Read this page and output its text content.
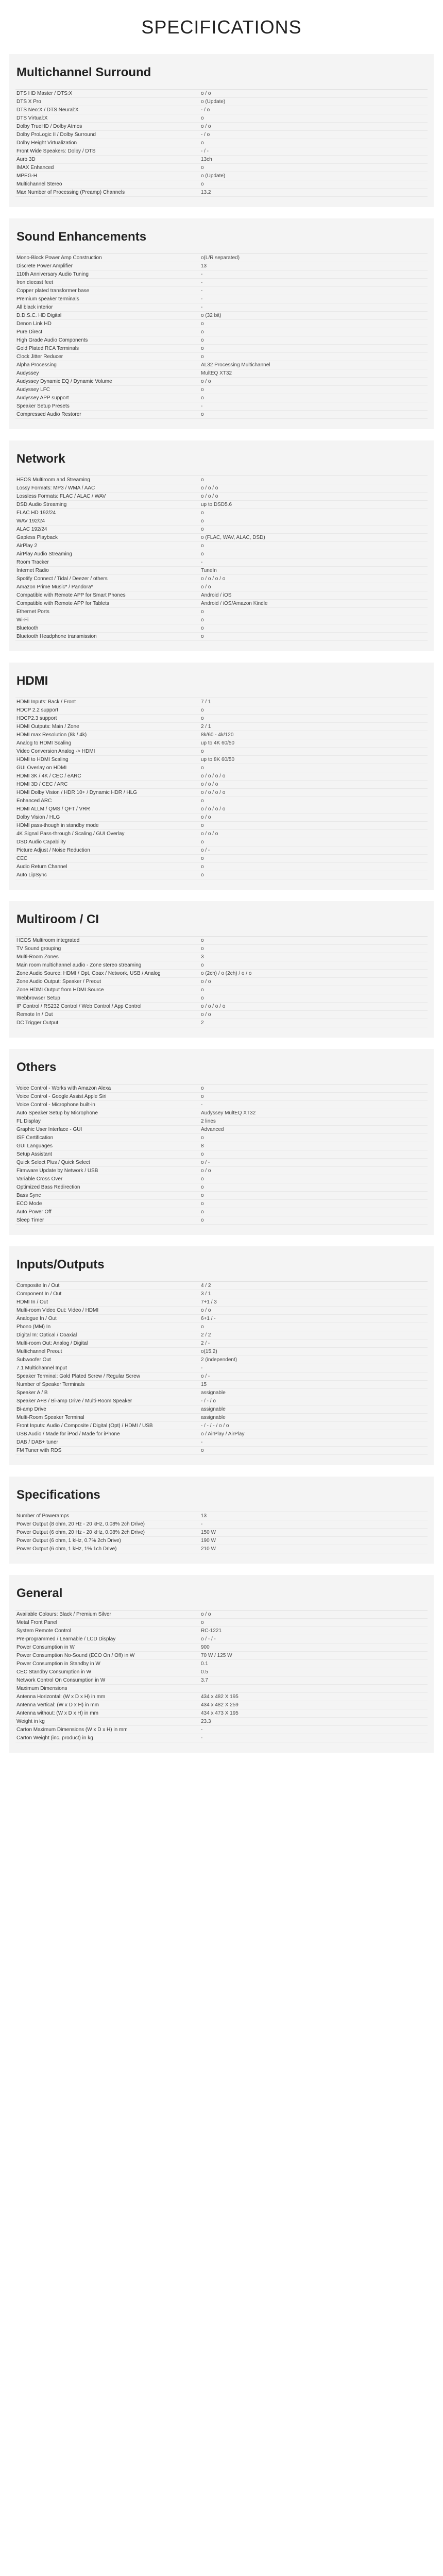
SPECIFICATIONS
Multichannel Surround
DTS HD Master / DTS:X	o / o
DTS X Pro	o (Update)
DTS Neo:X / DTS Neural:X	- / o
DTS Virtual:X	o
Dolby TrueHD / Dolby Atmos	o / o
Dolby ProLogic II / Dolby Surround	- / o
Dolby Height Virtualization	o
Front Wide Speakers: Dolby / DTS	- / -
Auro 3D	13ch
IMAX Enhanced	o
MPEG-H	o (Update)
Multichannel Stereo	o
Max Number of Processing (Preamp) Channels	13.2
Sound Enhancements
Mono-Block Power Amp Construction	o(L/R separated)
Discrete Power Amplifier	13
110th Anniversary Audio Tuning	-
Iron diecast feet	-
Copper plated transformer base	-
Premium speaker terminals	-
All black interior	-
D.D.S.C. HD Digital	o (32 bit)
Denon Link HD	o
Pure Direct	o
High Grade Audio Components	o
Gold Plated RCA Terminals	o
Clock Jitter Reducer	o
Alpha Processing	AL32 Processing Multichannel
Audyssey	MultEQ XT32
Audyssey Dynamic EQ / Dynamic Volume	o / o
Audyssey LFC	o
Audyssey APP support	o
Speaker Setup Presets	-
Compressed Audio Restorer	o
Network
HEOS Multiroom and Streaming	o
Lossy Formats: MP3 / WMA / AAC	o / o / o
Lossless Formats: FLAC / ALAC / WAV	o / o / o
DSD Audio Streaming	up to DSD5.6
FLAC HD 192/24	o
WAV 192/24	o
ALAC 192/24	o
Gapless Playback	o (FLAC, WAV, ALAC, DSD)
AirPlay 2	o
AirPlay Audio Streaming	o
Room Tracker	-
Internet Radio	TuneIn
Spotify Connect / Tidal / Deezer / others	o / o / o / o
Amazon Prime Music* / Pandora*	o / o
Compatible with Remote APP for Smart Phones	Android / iOS
Compatible with Remote APP for Tablets	Android / iOS/Amazon Kindle
Ethernet Ports	o
Wi-Fi	o
Bluetooth	o
Bluetooth Headphone transmission	o
HDMI
HDMI Inputs: Back / Front	7 / 1
HDCP 2.2 support	o
HDCP2.3 support	o
HDMI Outputs: Main / Zone	2 / 1
HDMI max Resolution (8k / 4k)	8k/60 - 4k/120
Analog to HDMI Scaling	up to 4K 60/50
Video Conversion Analog -> HDMI	o
HDMI to HDMI Scaling	up to 8K 60/50
GUI Overlay on HDMI	o
HDMI 3K / 4K / CEC / eARC	o / o / o / o
HDMI 3D / CEC / ARC	o / o / o
HDMI Dolby Vision / HDR 10+ / Dynamic HDR / HLG	o / o / o / o
Enhanced ARC	o
HDMI ALLM / QMS / QFT / VRR	o / o / o / o
Dolby Vision / HLG	o / o
HDMI pass-though in standby mode	o
4K Signal Pass-through / Scaling / GUI Overlay	o / o / o
DSD Audio Capability	o
Picture Adjust / Noise Reduction	o / -
CEC	o
Audio Return Channel	o
Auto LipSync	o
Multiroom / CI
HEOS Multiroom integrated	o
TV Sound grouping	o
Multi-Room Zones	3
Main room multichannel audio - Zone stereo streaming	o
Zone Audio Source: HDMI / Opt, Coax / Network, USB / Analog	o (2ch) / o (2ch) / o / o
Zone Audio Output: Speaker / Preout	o / o
Zone HDMI Output from HDMI Source	o
Webbrowser Setup	o
IP Control / RS232 Control / Web Control / App Control	o / o / o / o
Remote In / Out	o / o
DC Trigger Output	2
Others
Voice Control - Works with Amazon Alexa	o
Voice Control - Google Assist Apple Siri	o
Voice Control - Microphone built-in	-
Auto Speaker Setup by Microphone	Audyssey MultEQ XT32
FL Display	2 lines
Graphic User Interface - GUI	Advanced
ISF Certification	o
GUI Languages	8
Setup Assistant	o
Quick Select Plus / Quick Select	o / -
Firmware Update by Network / USB	o / o
Variable Cross Over	o
Optimized Bass Redirection	o
Bass Sync	o
ECO Mode	o
Auto Power Off	o
Sleep Timer	o
Inputs/Outputs
Composite In / Out	4 / 2
Component In / Out	3 / 1
HDMI In / Out	7+1 / 3
Multi-room Video Out: Video / HDMI	o / o
Analogue In / Out	6+1 / -
Phono (MM) In	o
Digital In: Optical / Coaxial	2 / 2
Multi-room Out: Analog / Digital	2 / -
Multichannel Preout	o(15.2)
Subwoofer Out	2 (independent)
7.1 Multichannel Input	-
Speaker Terminal: Gold Plated Screw / Regular Screw	o / -
Number of Speaker Terminals	15
Speaker A / B	assignable
Speaker A+B / Bi-amp Drive / Multi-Room Speaker	- / - / o
Bi-amp Drive	assignable
Multi-Room Speaker Terminal	assignable
Front Inputs: Audio / Composite / Digital (Opt) / HDMI / USB	- / - / - / o / o
USB Audio / Made for iPod / Made for iPhone	o / AirPlay / AirPlay
DAB / DAB+ tuner	-
FM Tuner with RDS	o
Specifications
Number of Poweramps	13
Power Output (8 ohm, 20 Hz - 20 kHz, 0.08% 2ch Drive)	-
Power Output (6 ohm, 20 Hz - 20 kHz, 0.08% 2ch Drive)	150 W
Power Output (6 ohm, 1 kHz, 0.7% 2ch Drive)	190 W
Power Output (6 ohm, 1 kHz, 1% 1ch Drive)	210 W
General
Available Colours: Black / Premium Silver	o / o
Metal Front Panel	o
System Remote Control	RC-1221
Pre-programmed / Learnable / LCD Display	o / - / -
Power Consumption in W	900
Power Consumption No-Sound (ECO On / Off) in W	70 W / 125 W
Power Consumption in Standby in W	0.1
CEC Standby Consumption in W	0.5
Network Control On Consumption in W	3.7
Maximum Dimensions
Antenna Horizontal: (W x D x H) in mm	434 x 482 X 195
Antenna Vertical: (W x D x H) in mm	434 x 482 X 259
Antenna without: (W x D x H) in mm	434 x 473 X 195
Weight in kg	23.3
Carton Maximum Dimensions (W x D x H) in mm	-
Carton Weight (inc. product) in kg	-
